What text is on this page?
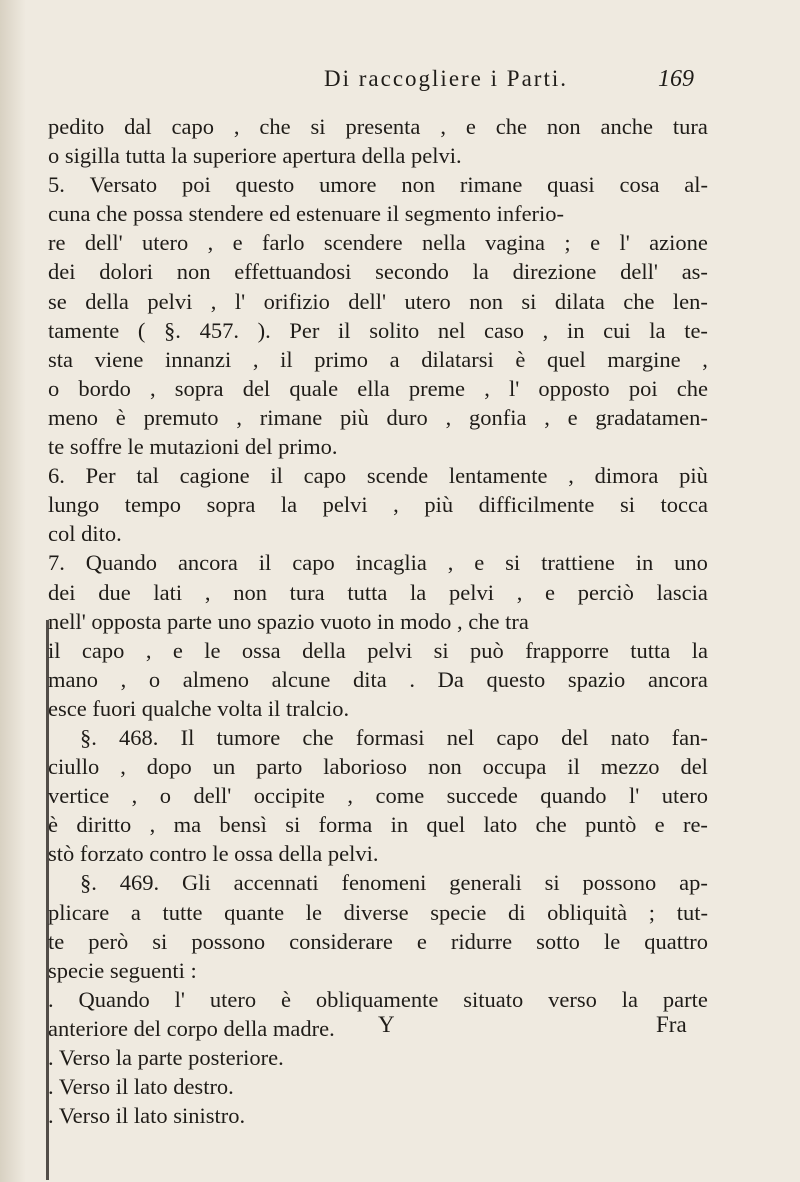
Di raccogliere i Parti.	169
pedito dal capo , che si presenta , e che non anche tura
o sigilla tutta la superiore apertura della pelvi.
5. Versato poi questo umore non rimane quasi cosa al-
cuna che possa stendere ed estenuare il segmento inferio-
re dell' utero , e farlo scendere nella vagina ; e l' azione
dei dolori non effettuandosi secondo la direzione dell' as-
se della pelvi , l' orifizio dell' utero non si dilata che len-
tamente ( §. 457. ). Per il solito nel caso , in cui la te-
sta viene innanzi , il primo a dilatarsi è quel margine ,
o bordo , sopra del quale ella preme , l' opposto poi che
meno è premuto , rimane più duro , gonfia , e gradatamen-
te soffre le mutazioni del primo.
6. Per tal cagione il capo scende lentamente , dimora più
lungo tempo sopra la pelvi , più difficilmente si tocca
col dito.
7. Quando ancora il capo incaglia , e si trattiene in uno
dei due lati , non tura tutta la pelvi , e perciò lascia
nell' opposta parte uno spazio vuoto in modo , che tra
il capo , e le ossa della pelvi si può frapporre tutta la
mano , o almeno alcune dita . Da questo spazio ancora
esce fuori qualche volta il tralcio.
§. 468. Il tumore che formasi nel capo del nato fan-
ciullo , dopo un parto laborioso non occupa il mezzo del
vertice , o dell' occipite , come succede quando l' utero
è diritto , ma bensì si forma in quel lato che puntò e re-
stò forzato contro le ossa della pelvi.
§. 469. Gli accennati fenomeni generali si possono ap-
plicare a tutte quante le diverse specie di obliquità ; tut-
te però si possono considerare e ridurre sotto le quattro
specie seguenti :
. Quando l' utero è obliquamente situato verso la parte
anteriore del corpo della madre.
. Verso la parte posteriore.
. Verso il lato destro.
. Verso il lato sinistro.
Y	Fra
